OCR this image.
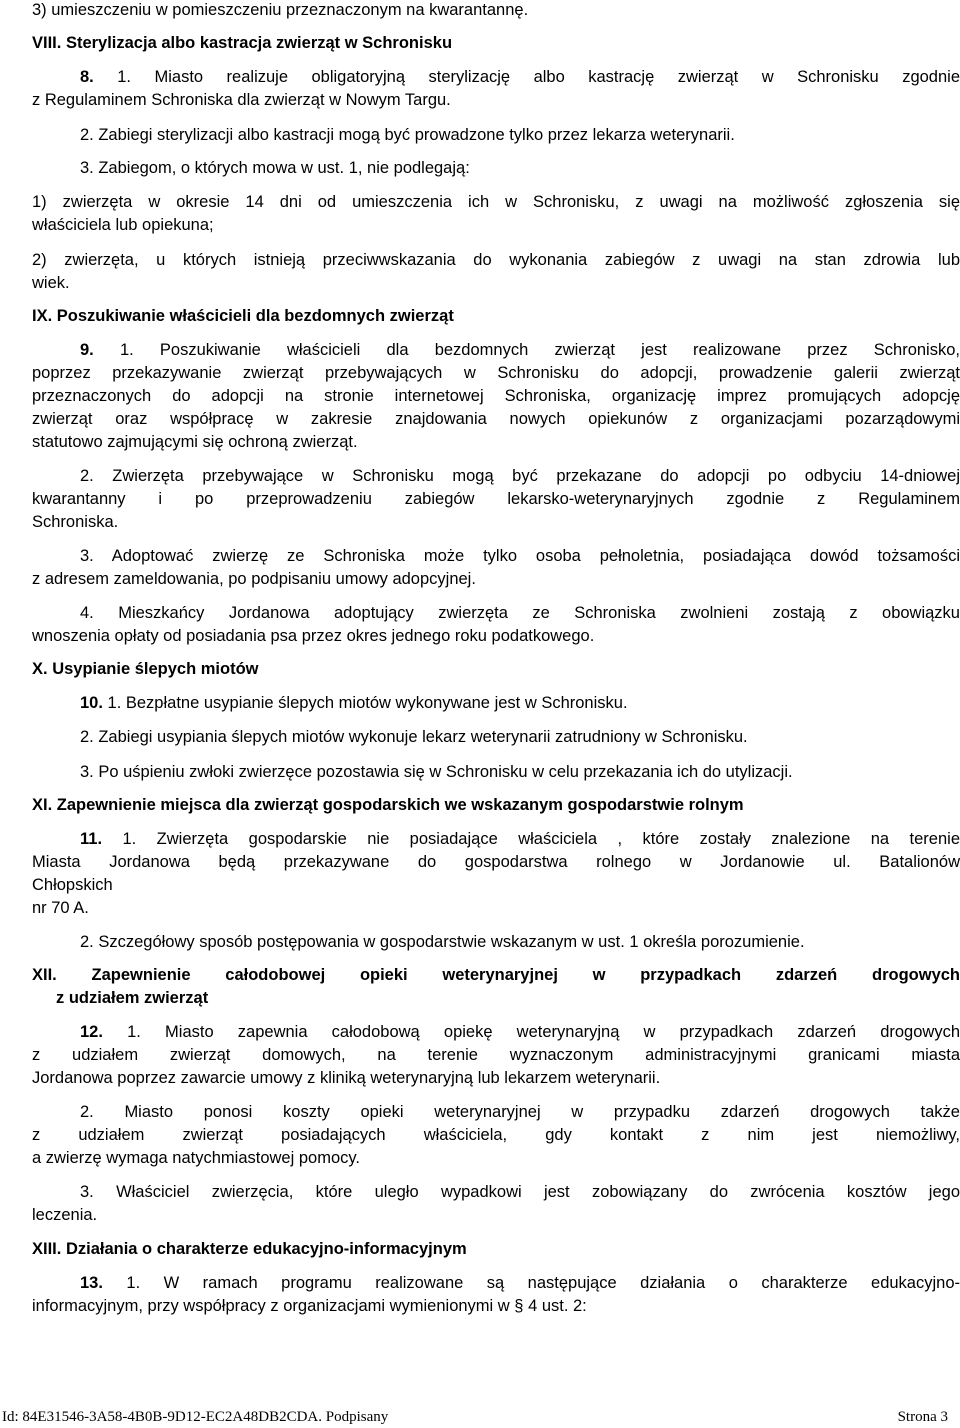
3) umieszczeniu w pomieszczeniu przeznaczonym na kwarantannę.
VIII. Sterylizacja albo kastracja zwierząt w Schronisku
8. 1. Miasto realizuje obligatoryjną sterylizację albo kastrację zwierząt w Schronisku zgodnie
z Regulaminem Schroniska dla zwierząt w Nowym Targu.
2. Zabiegi sterylizacji albo kastracji mogą być prowadzone tylko przez lekarza weterynarii.
3. Zabiegom, o których mowa w ust. 1, nie podlegają:
1) zwierzęta w okresie 14 dni od umieszczenia ich w Schronisku, z uwagi na możliwość zgłoszenia się
właściciela lub opiekuna;
2) zwierzęta, u których istnieją przeciwwskazania do wykonania zabiegów z uwagi na stan zdrowia lub
wiek.
IX. Poszukiwanie właścicieli dla bezdomnych zwierząt
9. 1. Poszukiwanie właścicieli dla bezdomnych zwierząt jest realizowane przez Schronisko,
poprzez przekazywanie zwierząt przebywających w Schronisku do adopcji, prowadzenie galerii zwierząt
przeznaczonych do adopcji na stronie internetowej Schroniska, organizację imprez promujących adopcję
zwierząt oraz współpracę w zakresie znajdowania nowych opiekunów z organizacjami pozarządowymi
statutowo zajmującymi się ochroną zwierząt.
2. Zwierzęta przebywające w Schronisku mogą być przekazane do adopcji po odbyciu 14-dniowej
kwarantanny i po przeprowadzeniu zabiegów lekarsko-weterynaryjnych zgodnie z Regulaminem
Schroniska.
3. Adoptować zwierzę ze Schroniska może tylko osoba pełnoletnia, posiadająca dowód tożsamości
z adresem zameldowania, po podpisaniu umowy adopcyjnej.
4. Mieszkańcy Jordanowa adoptujący zwierzęta ze Schroniska zwolnieni zostają z obowiązku
wnoszenia opłaty od posiadania psa przez okres jednego roku podatkowego.
X. Usypianie ślepych miotów
10. 1. Bezpłatne usypianie ślepych miotów wykonywane jest w Schronisku.
2. Zabiegi usypiania ślepych miotów wykonuje lekarz weterynarii zatrudniony w Schronisku.
3. Po uśpieniu zwłoki zwierzęce pozostawia się w Schronisku w celu przekazania ich do utylizacji.
XI. Zapewnienie miejsca dla zwierząt gospodarskich we wskazanym gospodarstwie rolnym
11. 1. Zwierzęta gospodarskie nie posiadające właściciela , które zostały znalezione na terenie
Miasta Jordanowa będą przekazywane do gospodarstwa rolnego w Jordanowie ul. Batalionów
Chłopskich
nr 70 A.
2. Szczegółowy sposób postępowania w gospodarstwie wskazanym w ust. 1 określa porozumienie.
XII. Zapewnienie całodobowej opieki weterynaryjnej w przypadkach zdarzeń drogowych
z udziałem zwierząt
12. 1. Miasto zapewnia całodobową opiekę weterynaryjną w przypadkach zdarzeń drogowych
z udziałem zwierząt domowych, na terenie wyznaczonym administracyjnymi granicami miasta
Jordanowa poprzez zawarcie umowy z kliniką weterynaryjną lub lekarzem weterynarii.
2. Miasto ponosi koszty opieki weterynaryjnej w przypadku zdarzeń drogowych także
z udziałem zwierząt posiadających właściciela, gdy kontakt z nim jest niemożliwy,
a zwierzę wymaga natychmiastowej pomocy.
3. Właściciel zwierzęcia, które uległo wypadkowi jest zobowiązany do zwrócenia kosztów jego
leczenia.
XIII. Działania o charakterze edukacyjno-informacyjnym
13. 1. W ramach programu realizowane są następujące działania o charakterze edukacyjno-
informacyjnym, przy współpracy z organizacjami wymienionymi w § 4 ust. 2:
Id: 84E31546-3A58-4B0B-9D12-EC2A48DB2CDA. Podpisany	Strona 3
